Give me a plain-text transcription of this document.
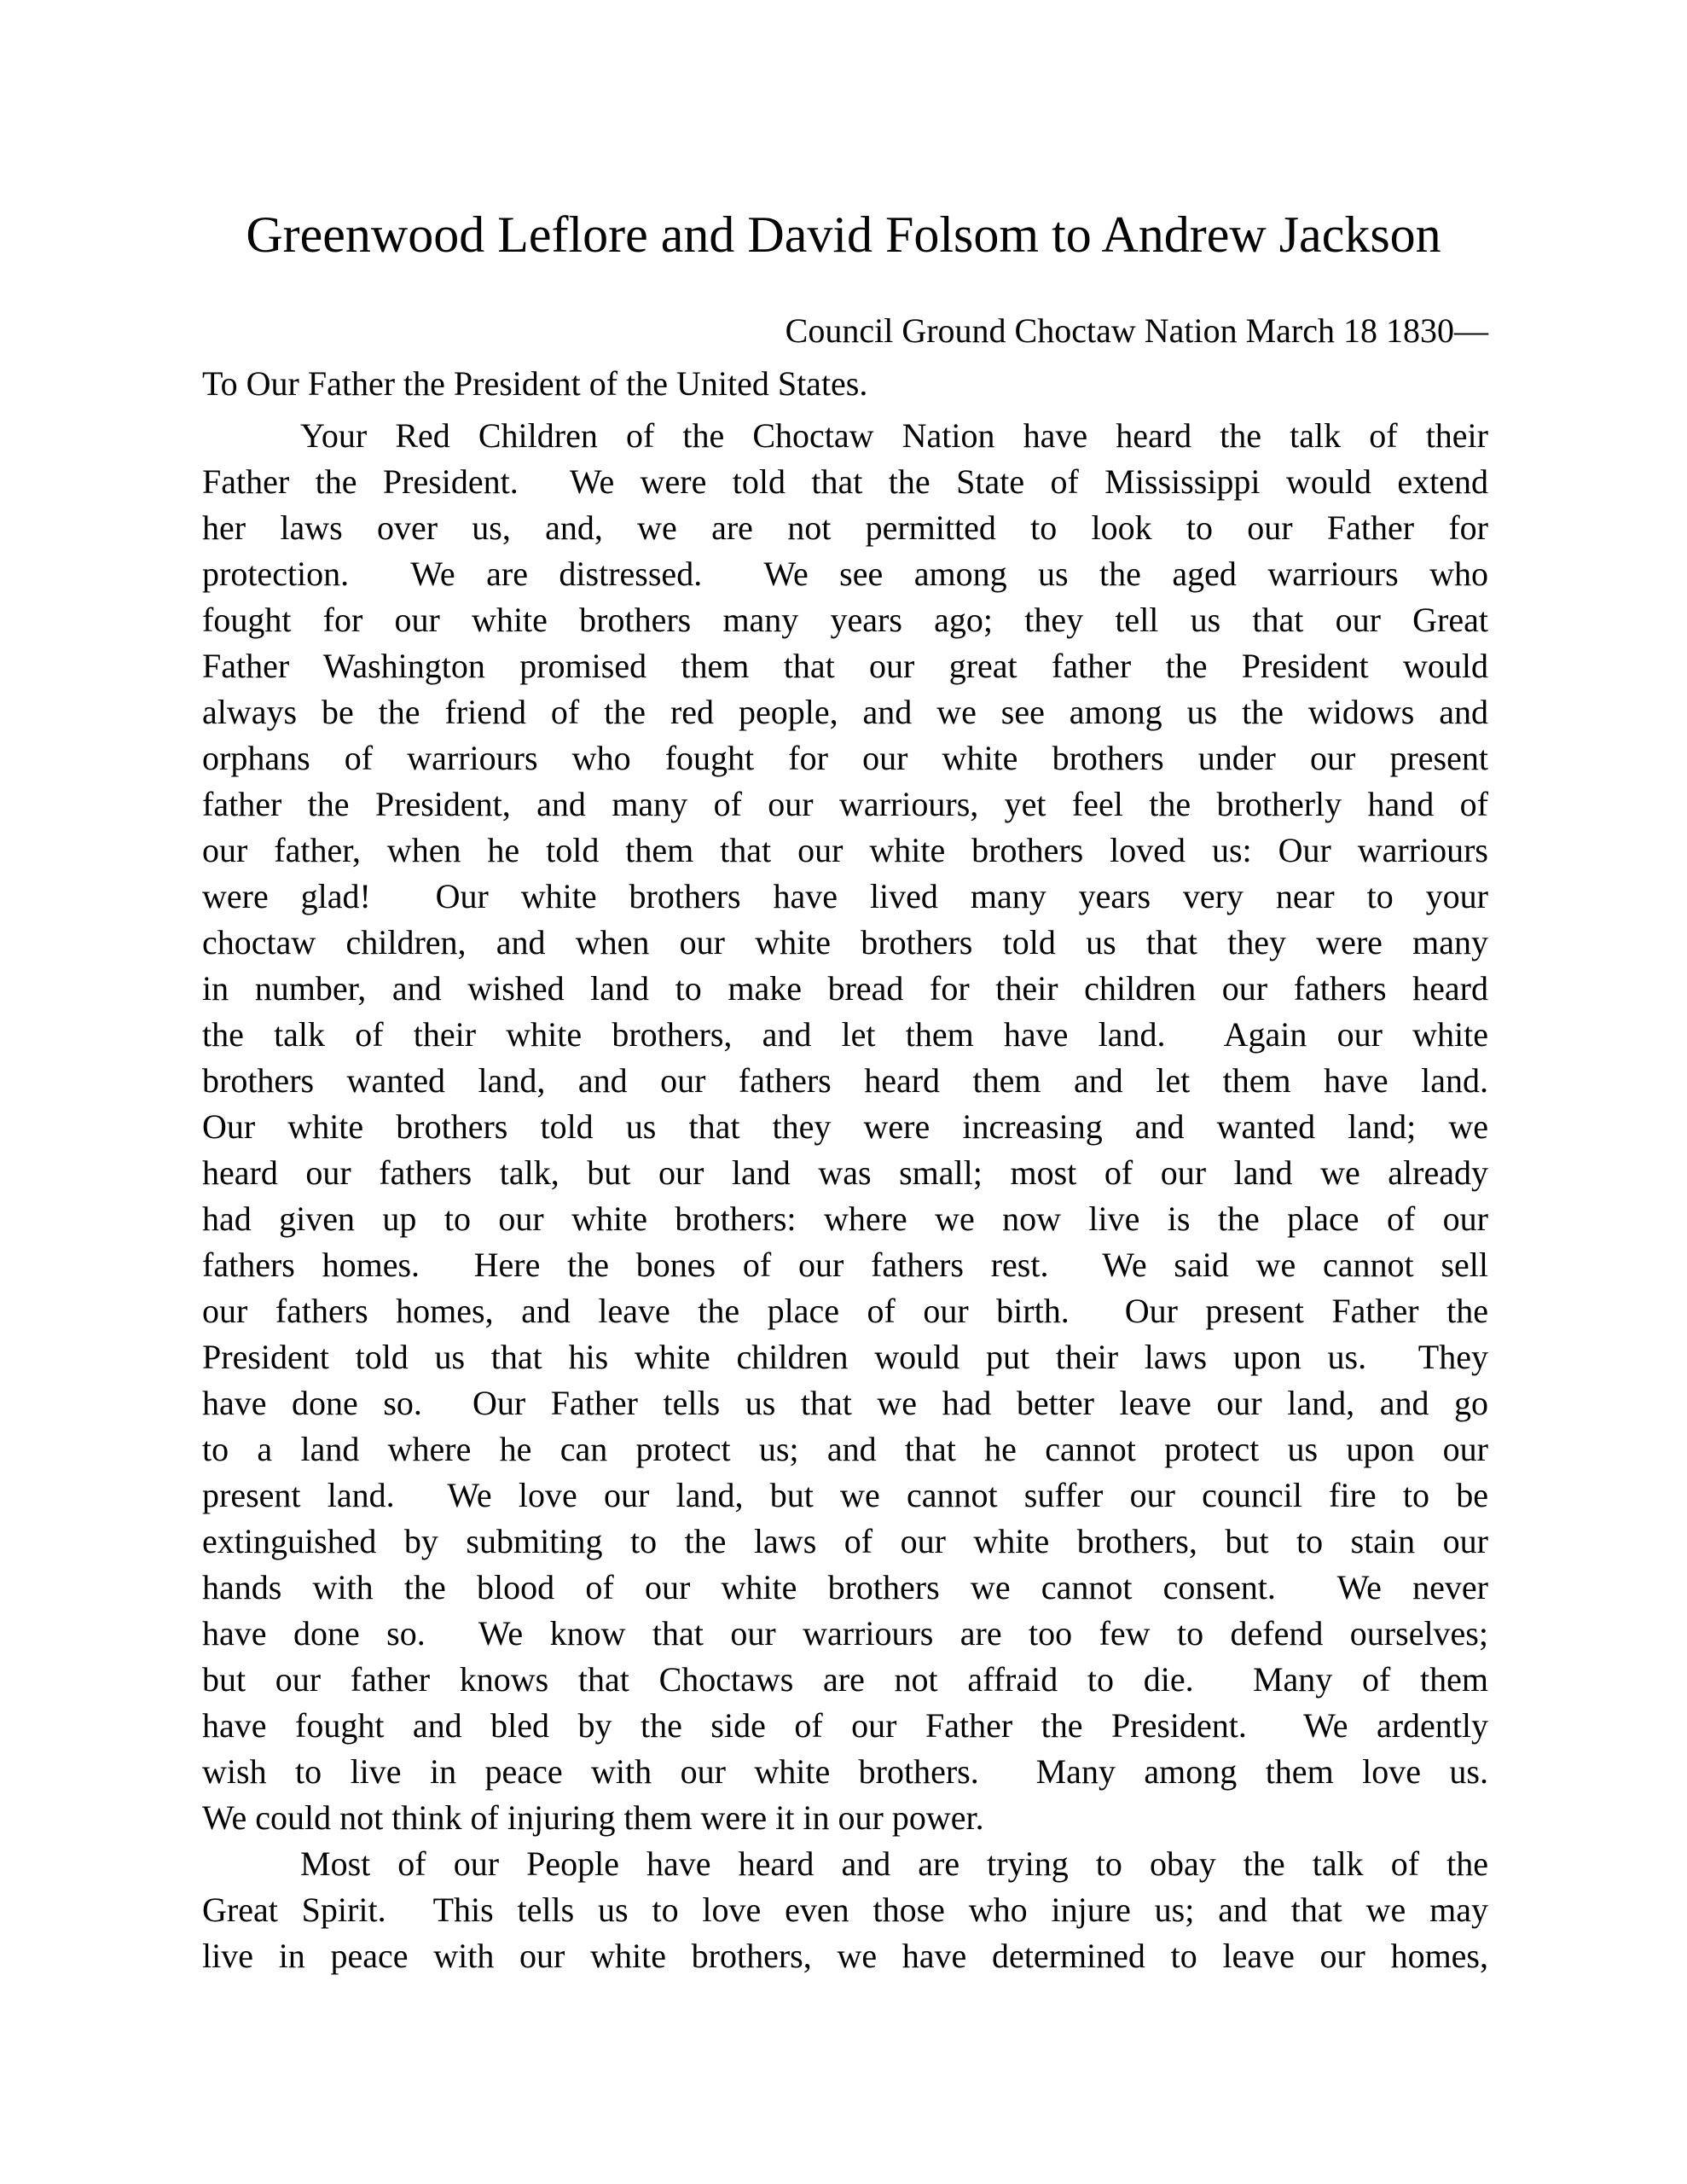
Greenwood Leflore and David Folsom to Andrew Jackson
Council Ground Choctaw Nation March 18 1830—
To Our Father the President of the United States.
Your Red Children of the Choctaw Nation have heard the talk of their
Father the President.  We were told that the State of Mississippi would extend
her laws over us, and, we are not permitted to look to our Father for
protection.  We are distressed.  We see among us the aged warriours who
fought for our white brothers many years ago; they tell us that our Great
Father Washington promised them that our great father the President would
always be the friend of the red people, and we see among us the widows and
orphans of warriours who fought for our white brothers under our present
father the President, and many of our warriours, yet feel the brotherly hand of
our father, when he told them that our white brothers loved us: Our warriours
were glad!  Our white brothers have lived many years very near to your
choctaw children, and when our white brothers told us that they were many
in number, and wished land to make bread for their children our fathers heard
the talk of their white brothers, and let them have land.  Again our white
brothers wanted land, and our fathers heard them and let them have land.
Our white brothers told us that they were increasing and wanted land; we
heard our fathers talk, but our land was small; most of our land we already
had given up to our white brothers: where we now live is the place of our
fathers homes.  Here the bones of our fathers rest.  We said we cannot sell
our fathers homes, and leave the place of our birth.  Our present Father the
President told us that his white children would put their laws upon us.  They
have done so.  Our Father tells us that we had better leave our land, and go
to a land where he can protect us; and that he cannot protect us upon our
present land.  We love our land, but we cannot suffer our council fire to be
extinguished by submiting to the laws of our white brothers, but to stain our
hands with the blood of our white brothers we cannot consent.  We never
have done so.  We know that our warriours are too few to defend ourselves;
but our father knows that Choctaws are not affraid to die.  Many of them
have fought and bled by the side of our Father the President.  We ardently
wish to live in peace with our white brothers.  Many among them love us.
We could not think of injuring them were it in our power.
Most of our People have heard and are trying to obay the talk of the
Great Spirit.  This tells us to love even those who injure us; and that we may
live in peace with our white brothers, we have determined to leave our homes,
